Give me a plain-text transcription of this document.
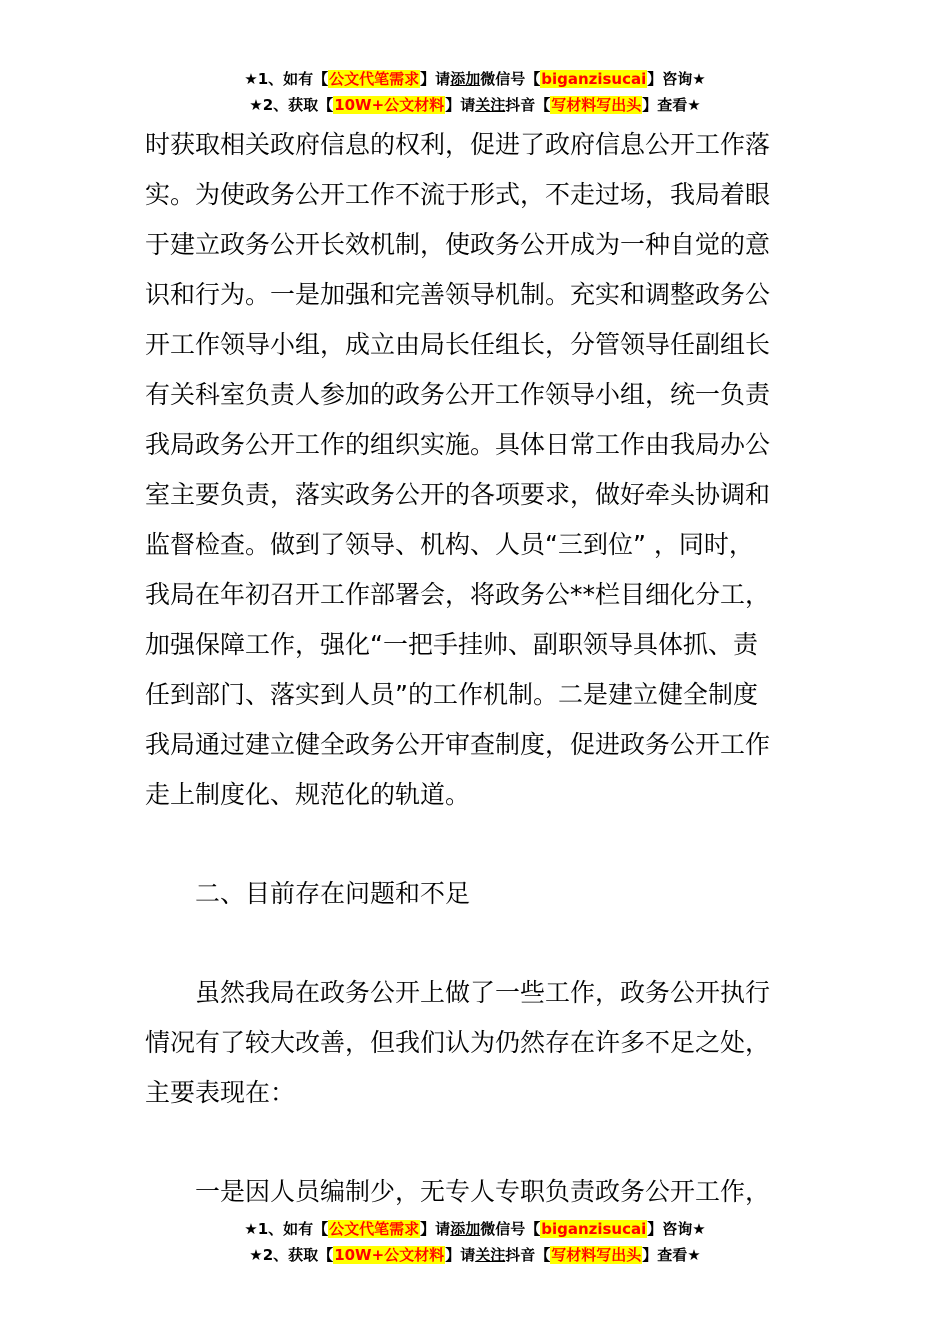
★1、如有【公文代笔需求】请添加微信号【biganzisucai】咨询★
★2、获取【10W+公文材料】请关注抖音【写材料写出头】查看★
时获取相关政府信息的权利，促进了政府信息公开工作落
实。为使政务公开工作不流于形式，不走过场，我局着眼
于建立政务公开长效机制，使政务公开成为一种自觉的意
识和行为。一是加强和完善领导机制。充实和调整政务公
开工作领导小组，成立由局长任组长，分管领导任副组长
有关科室负责人参加的政务公开工作领导小组，统一负责
我局政务公开工作的组织实施。具体日常工作由我局办公
室主要负责，落实政务公开的各项要求，做好牵头协调和
监督检查。做到了领导、机构、人员“三到位” ，同时，
我局在年初召开工作部署会，将政务公**栏目细化分工，
加强保障工作，强化“一把手挂帅、副职领导具体抓、责
任到部门、落实到人员”的工作机制。二是建立健全制度
我局通过建立健全政务公开审查制度，促进政务公开工作
走上制度化、规范化的轨道。
二、目前存在问题和不足
虽然我局在政务公开上做了一些工作，政务公开执行
情况有了较大改善，但我们认为仍然存在许多不足之处，
主要表现在：
一是因人员编制少，无专人专职负责政务公开工作，
★1、如有【公文代笔需求】请添加微信号【biganzisucai】咨询★
★2、获取【10W+公文材料】请关注抖音【写材料写出头】查看★
